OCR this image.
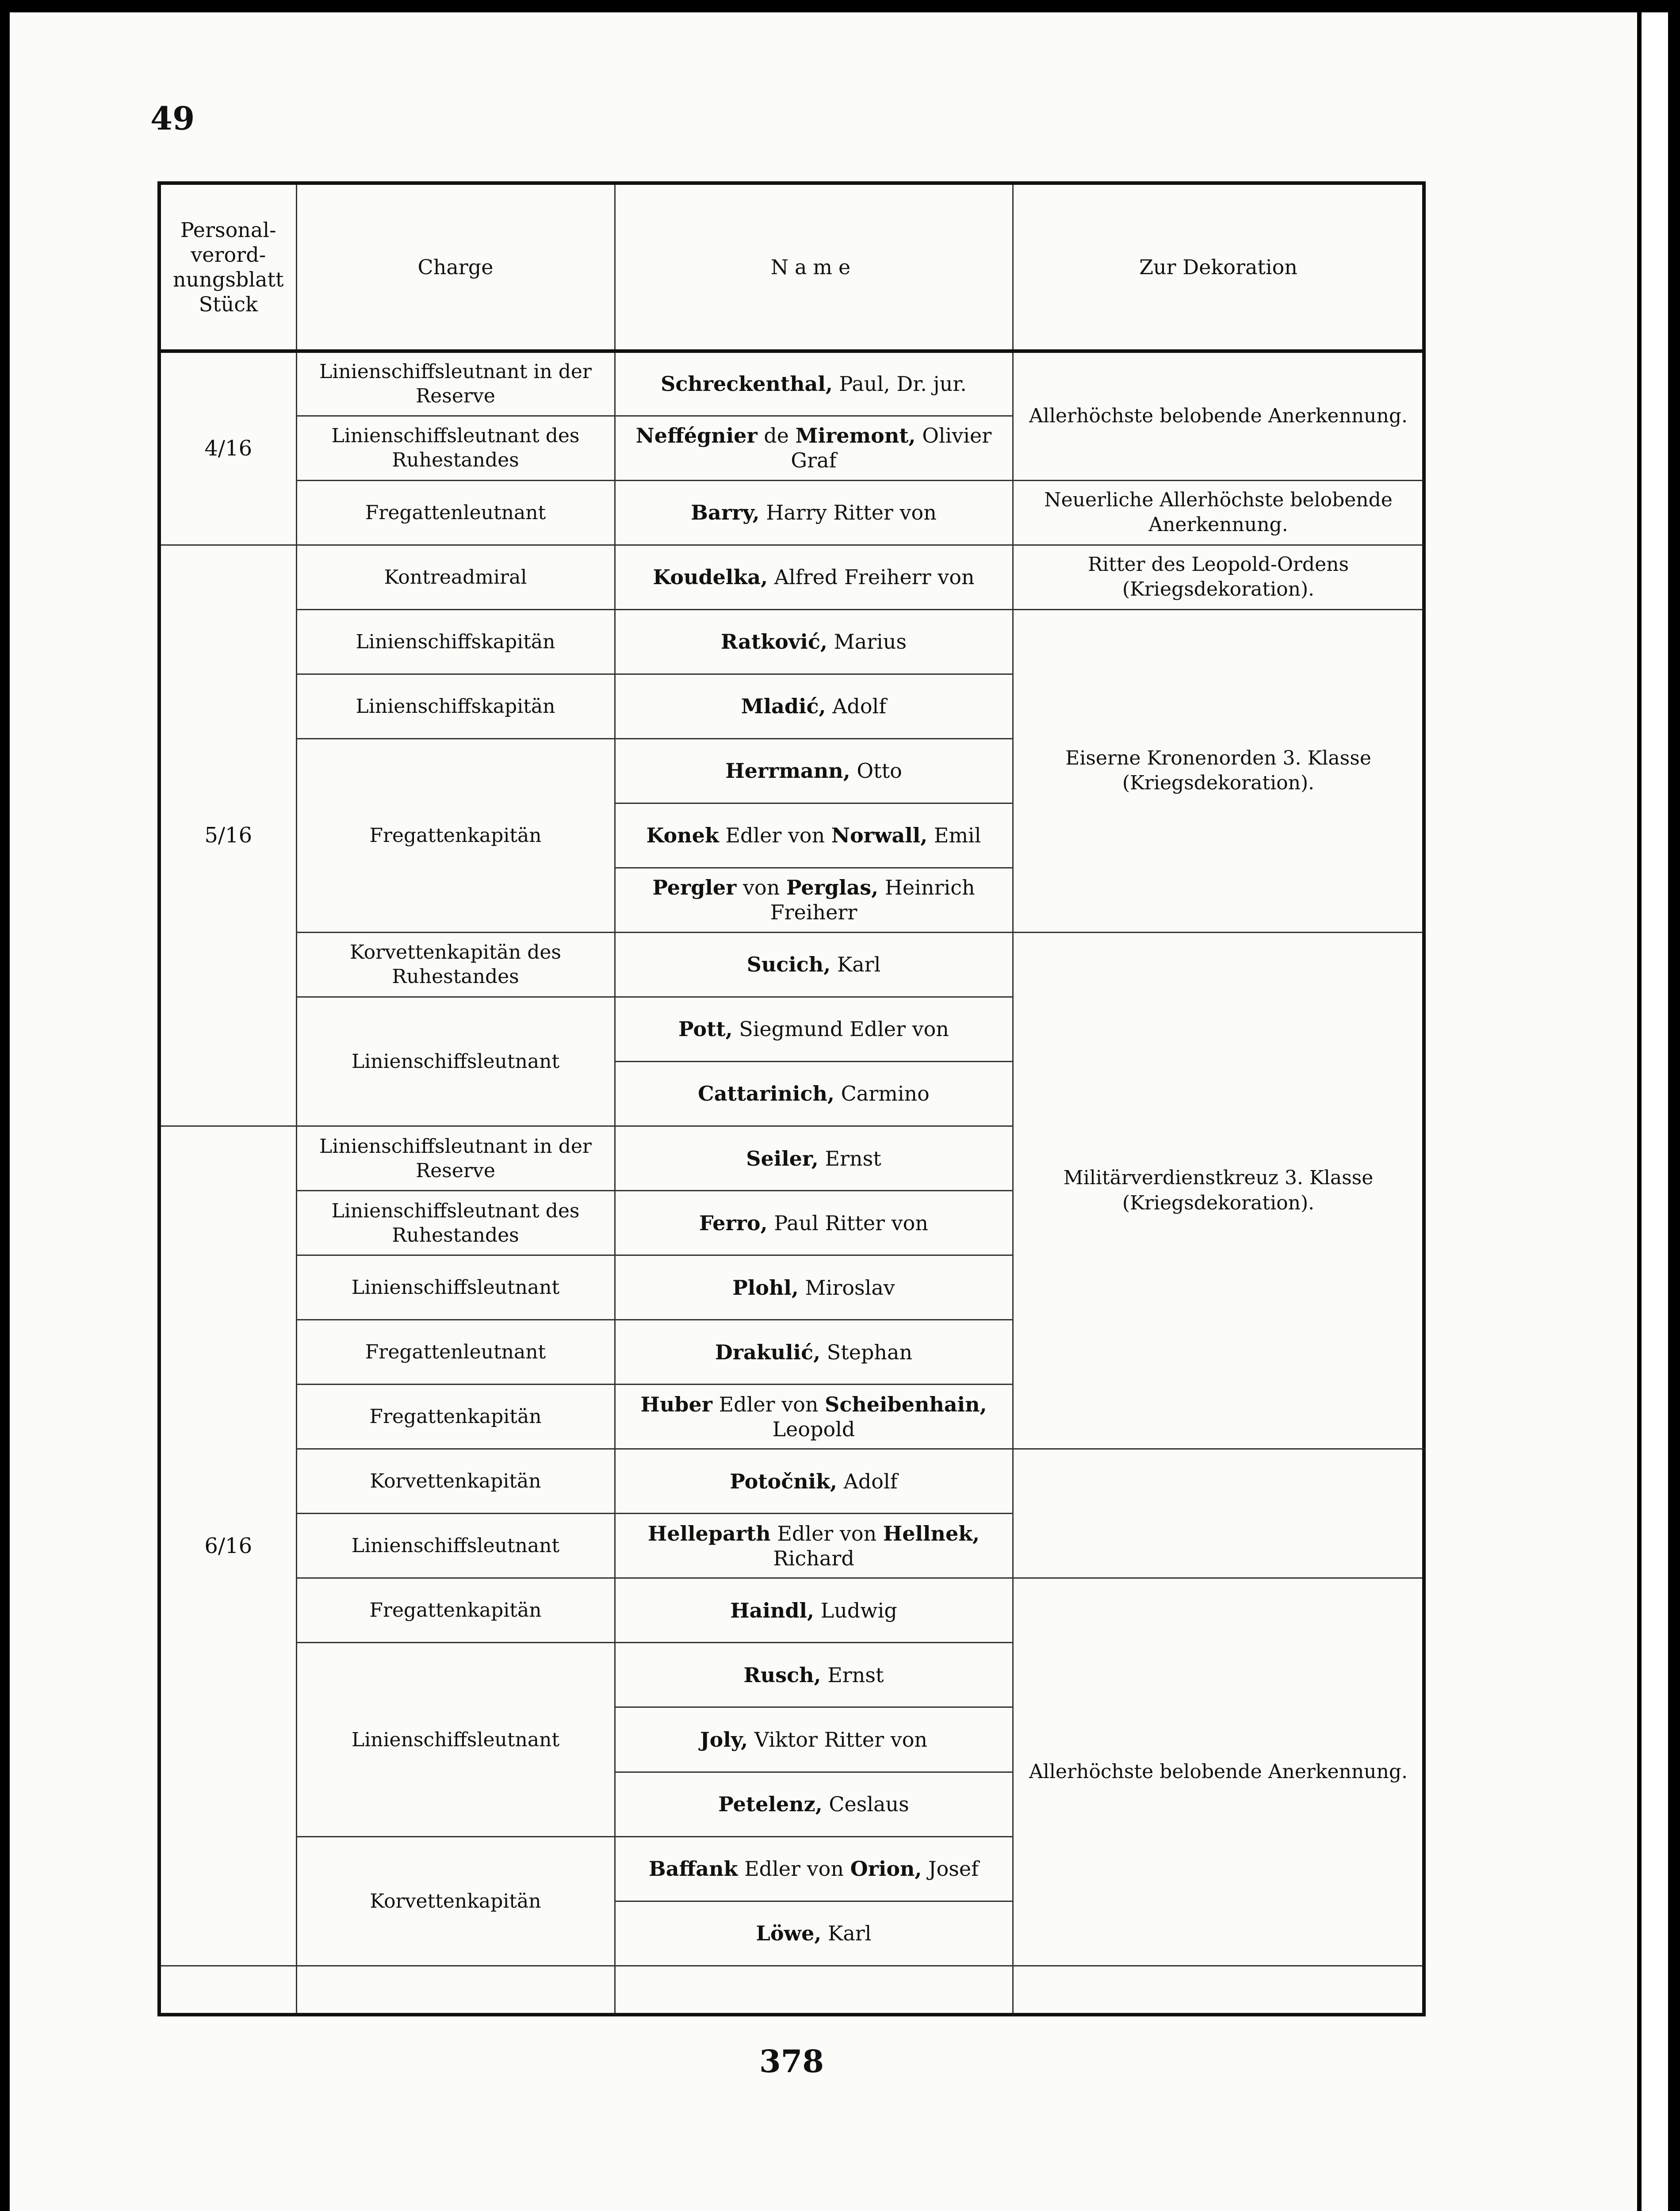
49
Personal-verord-nungsblatt Stück	Charge	Name	Zur Dekoration	
4/16	Linienschiffsleutnant in der Reserve	Schreckenthal, Paul, Dr. jur.	Allerhöchste belobende Anerkennung.	
	Linienschiffsleutnant des Ruhestandes	Neffégnier de Miremont, Olivier Graf		
	Fregattenleutnant	Barry, Harry Ritter von	Neuerliche Allerhöchste belobende Anerkennung.	
5/16	Kontreadmiral	Koudelka, Alfred Freiherr von	Ritter des Leopold-Ordens (Kriegsdekoration).	
	Linienschiffskapitän	Ratković, Marius	Eiserne Kronenorden 3. Klasse (Kriegsdekoration).	
	Linienschiffskapitän	Mladić, Adolf		
	Fregattenkapitän	Herrmann, Otto		
		Konek Edler von Norwall, Emil		
		Pergler von Perglas, Heinrich Freiherr		
	Korvettenkapitän des Ruhestandes	Sucich, Karl	Militärverdienstkreuz 3. Klasse (Kriegsdekoration).	
	Linienschiffsleutnant	Pott, Siegmund Edler von		
		Cattarinich, Carmino		
6/16	Linienschiffsleutnant in der Reserve	Seiler, Ernst		
	Linienschiffsleutnant des Ruhestandes	Ferro, Paul Ritter von		
	Linienschiffsleutnant	Plohl, Miroslav		
	Fregattenleutnant	Drakulić, Stephan		
	Fregattenkapitän	Huber Edler von Scheibenhain, Leopold	
	Korvettenkapitän	Potočnik, Adolf		
	Linienschiffsleutnant	Helleparth Edler von Hellnek, Richard		
	Fregattenkapitän	Haindl, Ludwig	Allerhöchste belobende Anerkennung.	
	Linienschiffsleutnant	Rusch, Ernst		
		Joly, Viktor Ritter von		
		Petelenz, Ceslaus		
	Korvettenkapitän	Baffank Edler von Orion, Josef		
		Löwe, Karl		

378
